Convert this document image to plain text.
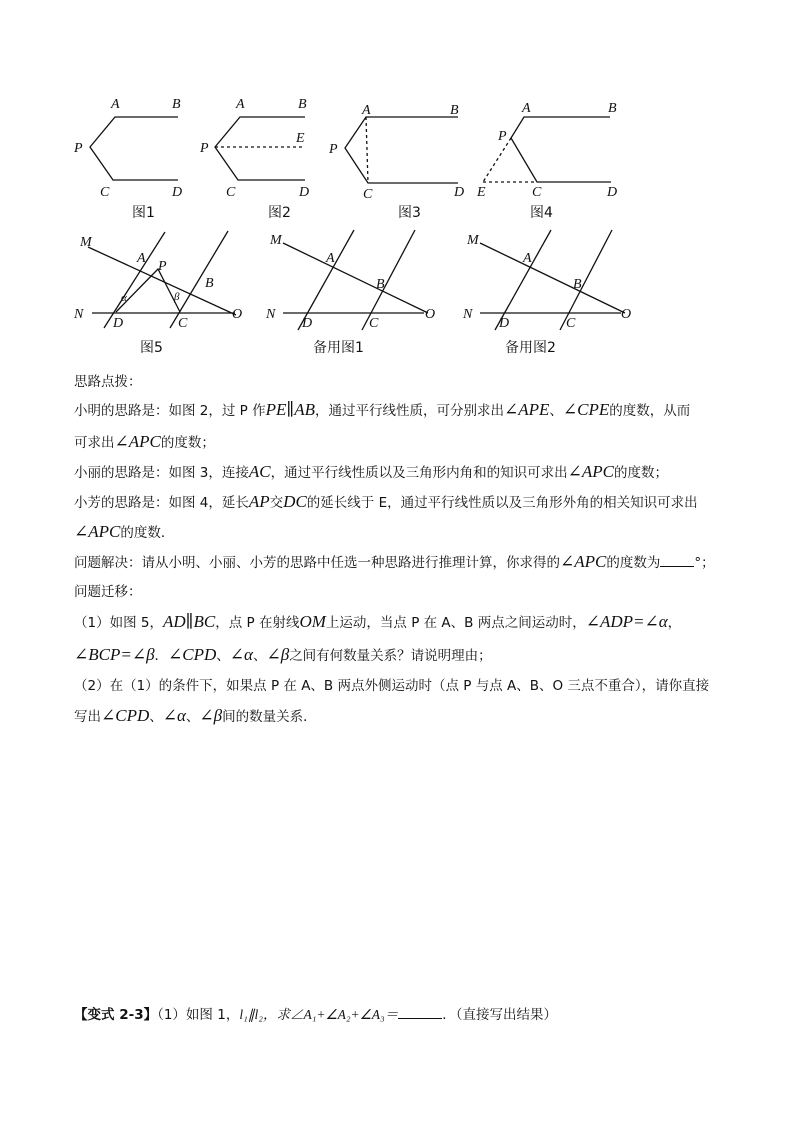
A	B
P
C	D
图1
A	B
P
E
C	D
图2
A	B
P
C	D
图3
A	B
P
E	C	D
图4
M
A
P
B
N
D	C
O
α	β
图5
M
A
B
N
D	C
O
备用图1
M
A
B
N
D	C
O
备用图2
思路点拨：
小明的思路是：如图 2，过 P 作PE∥AB，通过平行线性质，可分别求出∠APE、∠CPE的度数，从而
可求出∠APC的度数；
小丽的思路是：如图 3，连接AC，通过平行线性质以及三角形内角和的知识可求出∠APC的度数；
小芳的思路是：如图 4，延长AP交DC的延长线于 E，通过平行线性质以及三角形外角的相关知识可求出
∠APC的度数．
问题解决：请从小明、小丽、小芳的思路中任选一种思路进行推理计算，你求得的∠APC的度数为	°；
问题迁移：
（1）如图 5，AD∥BC，点 P 在射线OM上运动，当点 P 在 A、B 两点之间运动时，∠ADP=∠α，
∠BCP=∠β．∠CPD、∠α、∠β之间有何数量关系？请说明理由；
（2）在（1）的条件下，如果点 P 在 A、B 两点外侧运动时（点 P 与点 A、B、O 三点不重合），请你直接
写出∠CPD、∠α、∠β间的数量关系．
【变式 2-3】（1）如图 1，l₁∥l₂，求∠A₁+∠A₂+∠A₃＝	．（直接写出结果）
